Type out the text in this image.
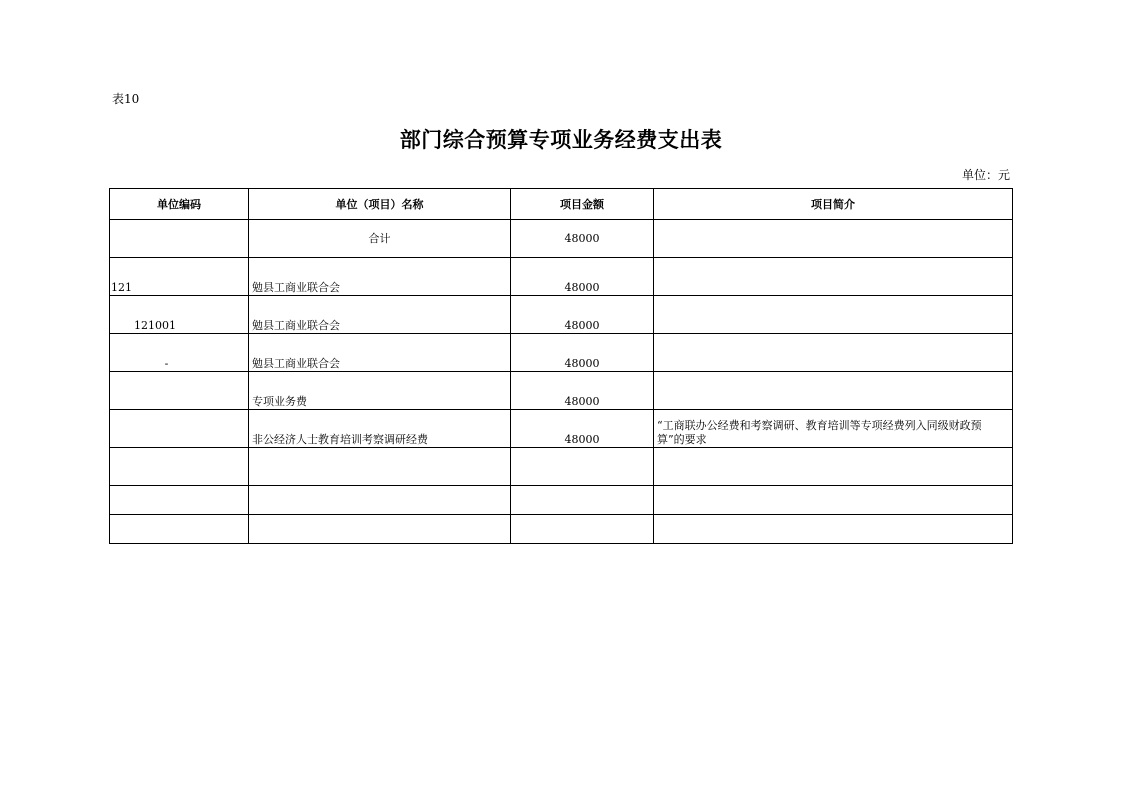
表10
部门综合预算专项业务经费支出表
单位：元
单位编码	单位（项目）名称	项目金额	项目简介
	合计	48000	
121	勉县工商业联合会	48000	
121001	勉县工商业联合会	48000	
-	勉县工商业联合会	48000	
	专项业务费	48000	
	非公经济人士教育培训考察调研经费	48000	“工商联办公经费和考察调研、教育培训等专项经费列入同级财政预算”的要求
